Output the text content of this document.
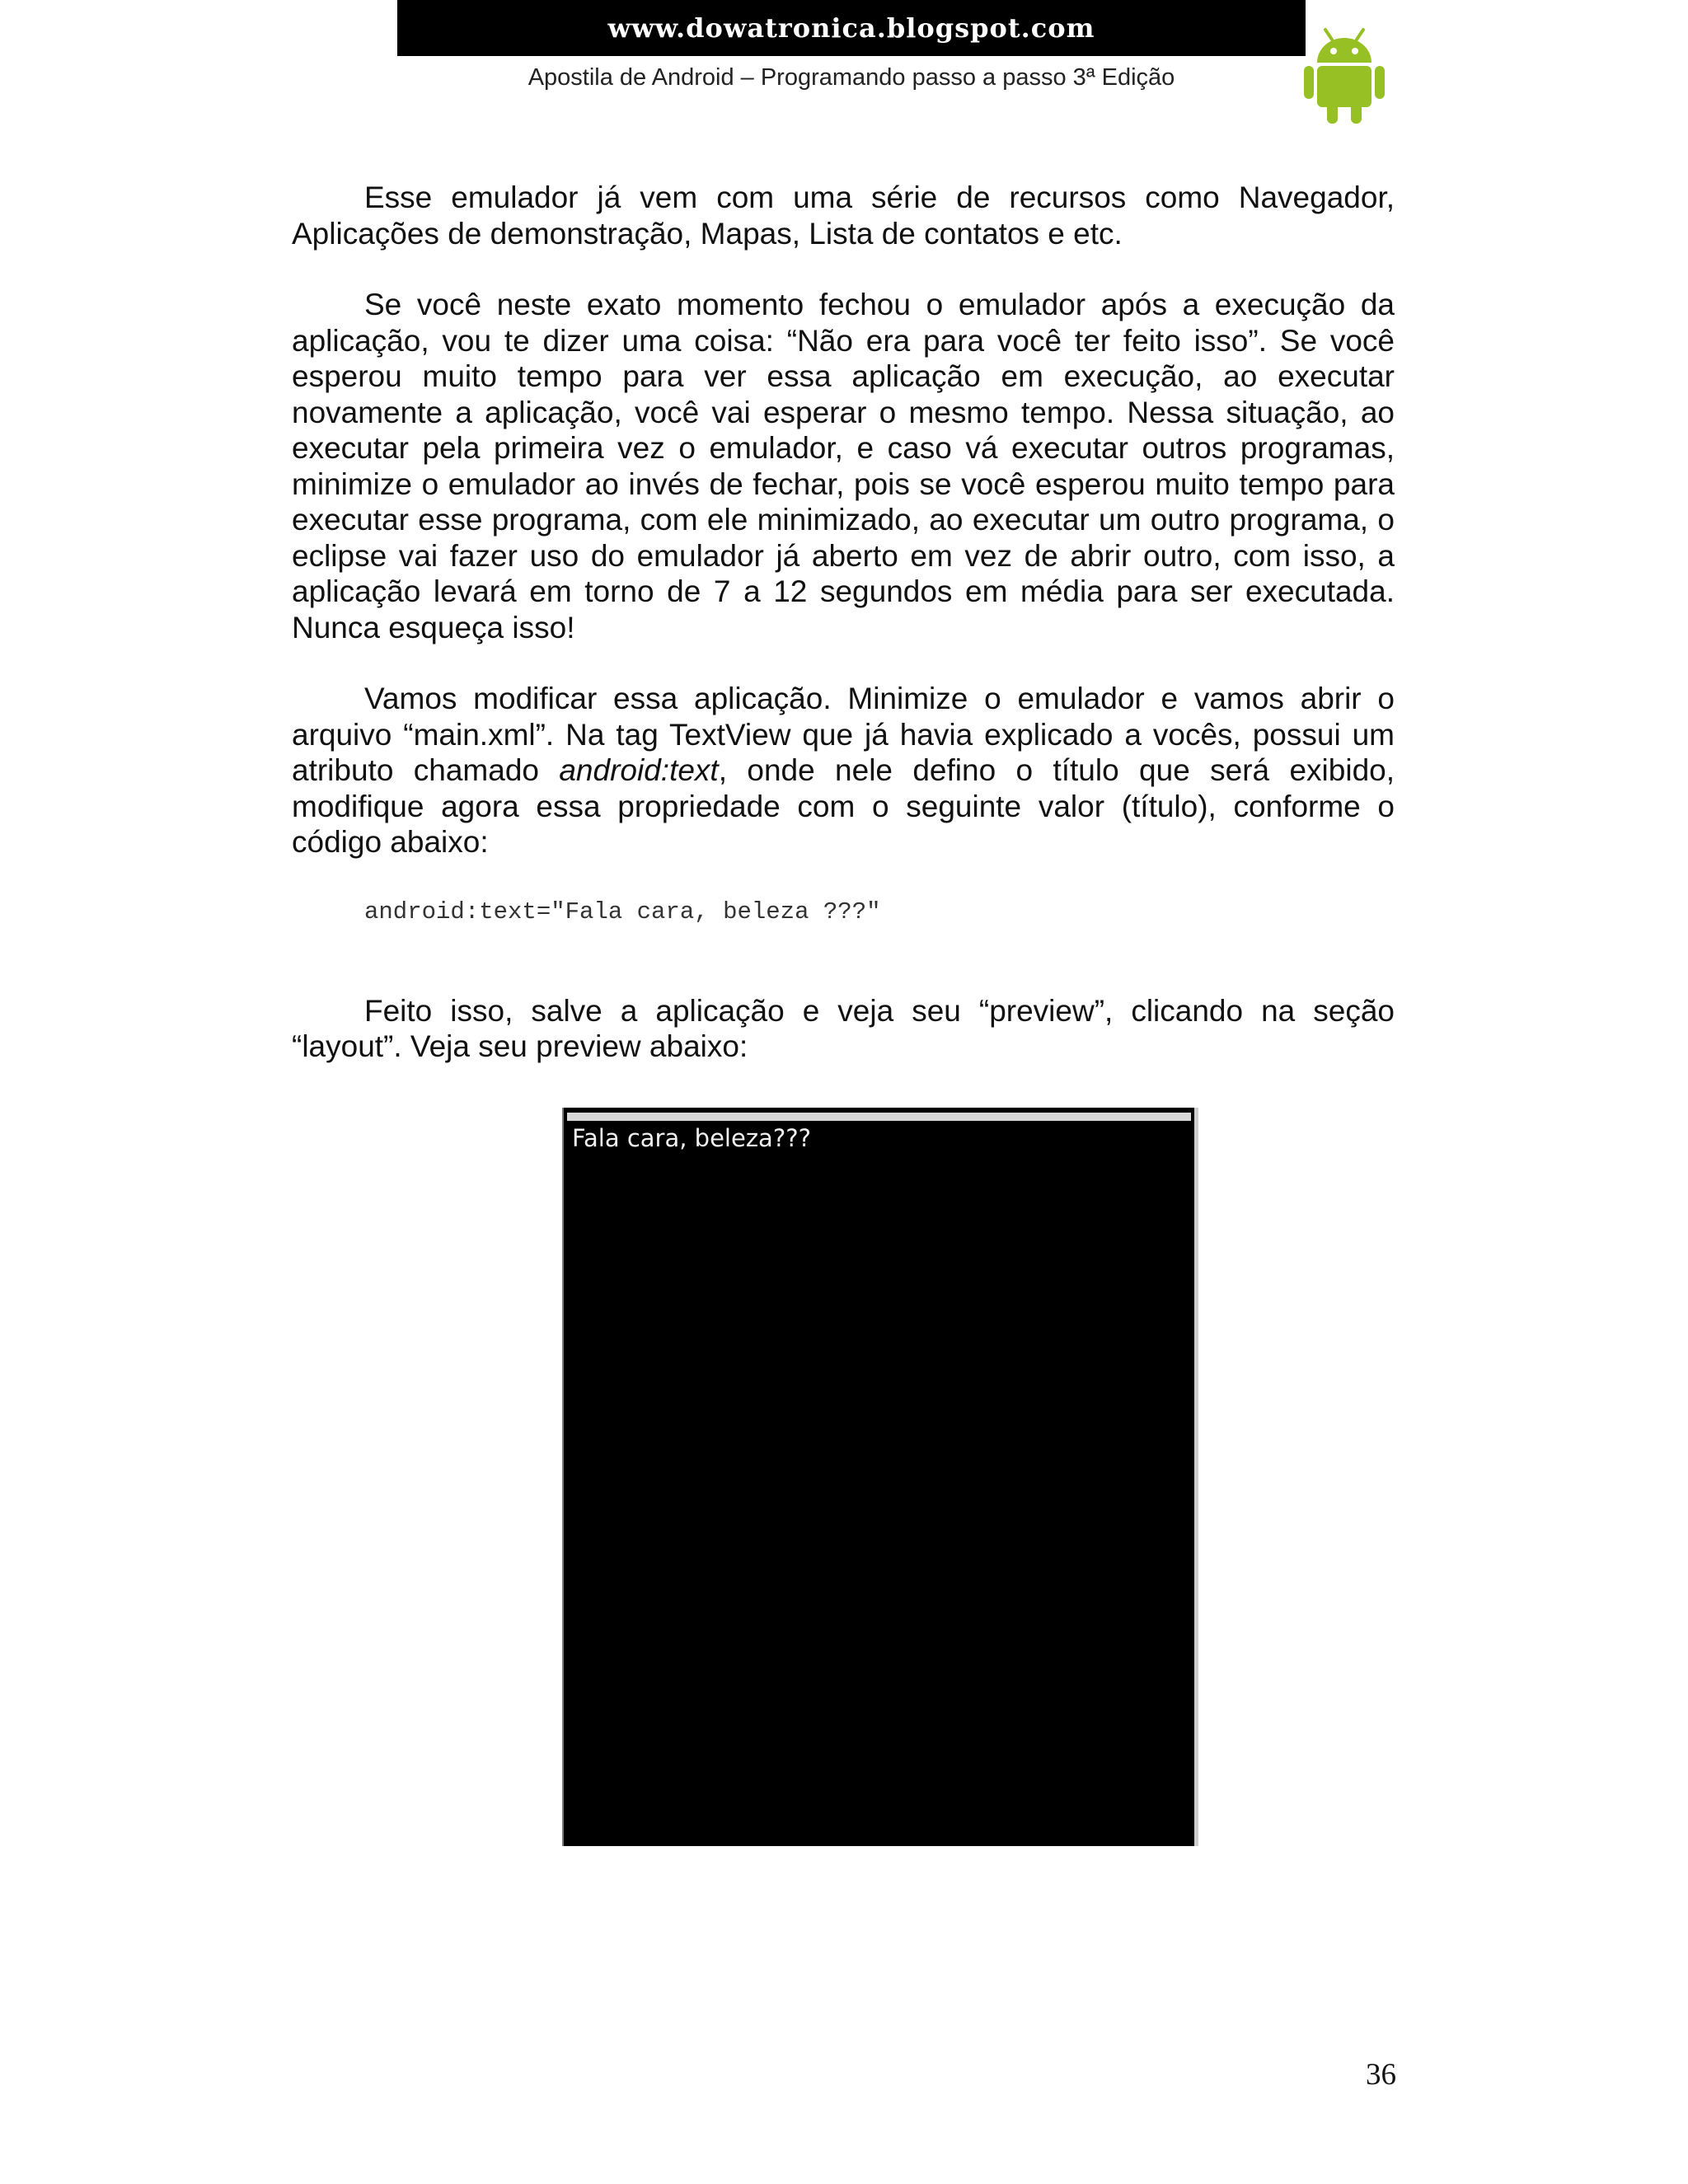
www.dowatronica.blogspot.com
Apostila de Android – Programando passo a passo 3ª Edição

Esse emulador já vem com uma série de recursos como Navegador, Aplicações de demonstração, Mapas, Lista de contatos e etc.

Se você neste exato momento fechou o emulador após a execução da aplicação, vou te dizer uma coisa: “Não era para você ter feito isso”. Se você esperou muito tempo para ver essa aplicação em execução, ao executar novamente a aplicação, você vai esperar o mesmo tempo. Nessa situação, ao executar pela primeira vez o emulador, e caso vá executar outros programas, minimize o emulador ao invés de fechar, pois se você esperou muito tempo para executar esse programa, com ele minimizado, ao executar um outro programa, o eclipse vai fazer uso do emulador já aberto em vez de abrir outro, com isso, a aplicação levará em torno de 7 a 12 segundos em média para ser executada. Nunca esqueça isso!

Vamos modificar essa aplicação. Minimize o emulador e vamos abrir o arquivo “main.xml”. Na tag TextView que já havia explicado a vocês, possui um atributo chamado android:text, onde nele defino o título que será exibido, modifique agora essa propriedade com o seguinte valor (título), conforme o código abaixo:

android:text="Fala cara, beleza ???"

Feito isso, salve a aplicação e veja seu “preview”, clicando na seção “layout”. Veja seu preview abaixo:

Fala cara, beleza???
36
